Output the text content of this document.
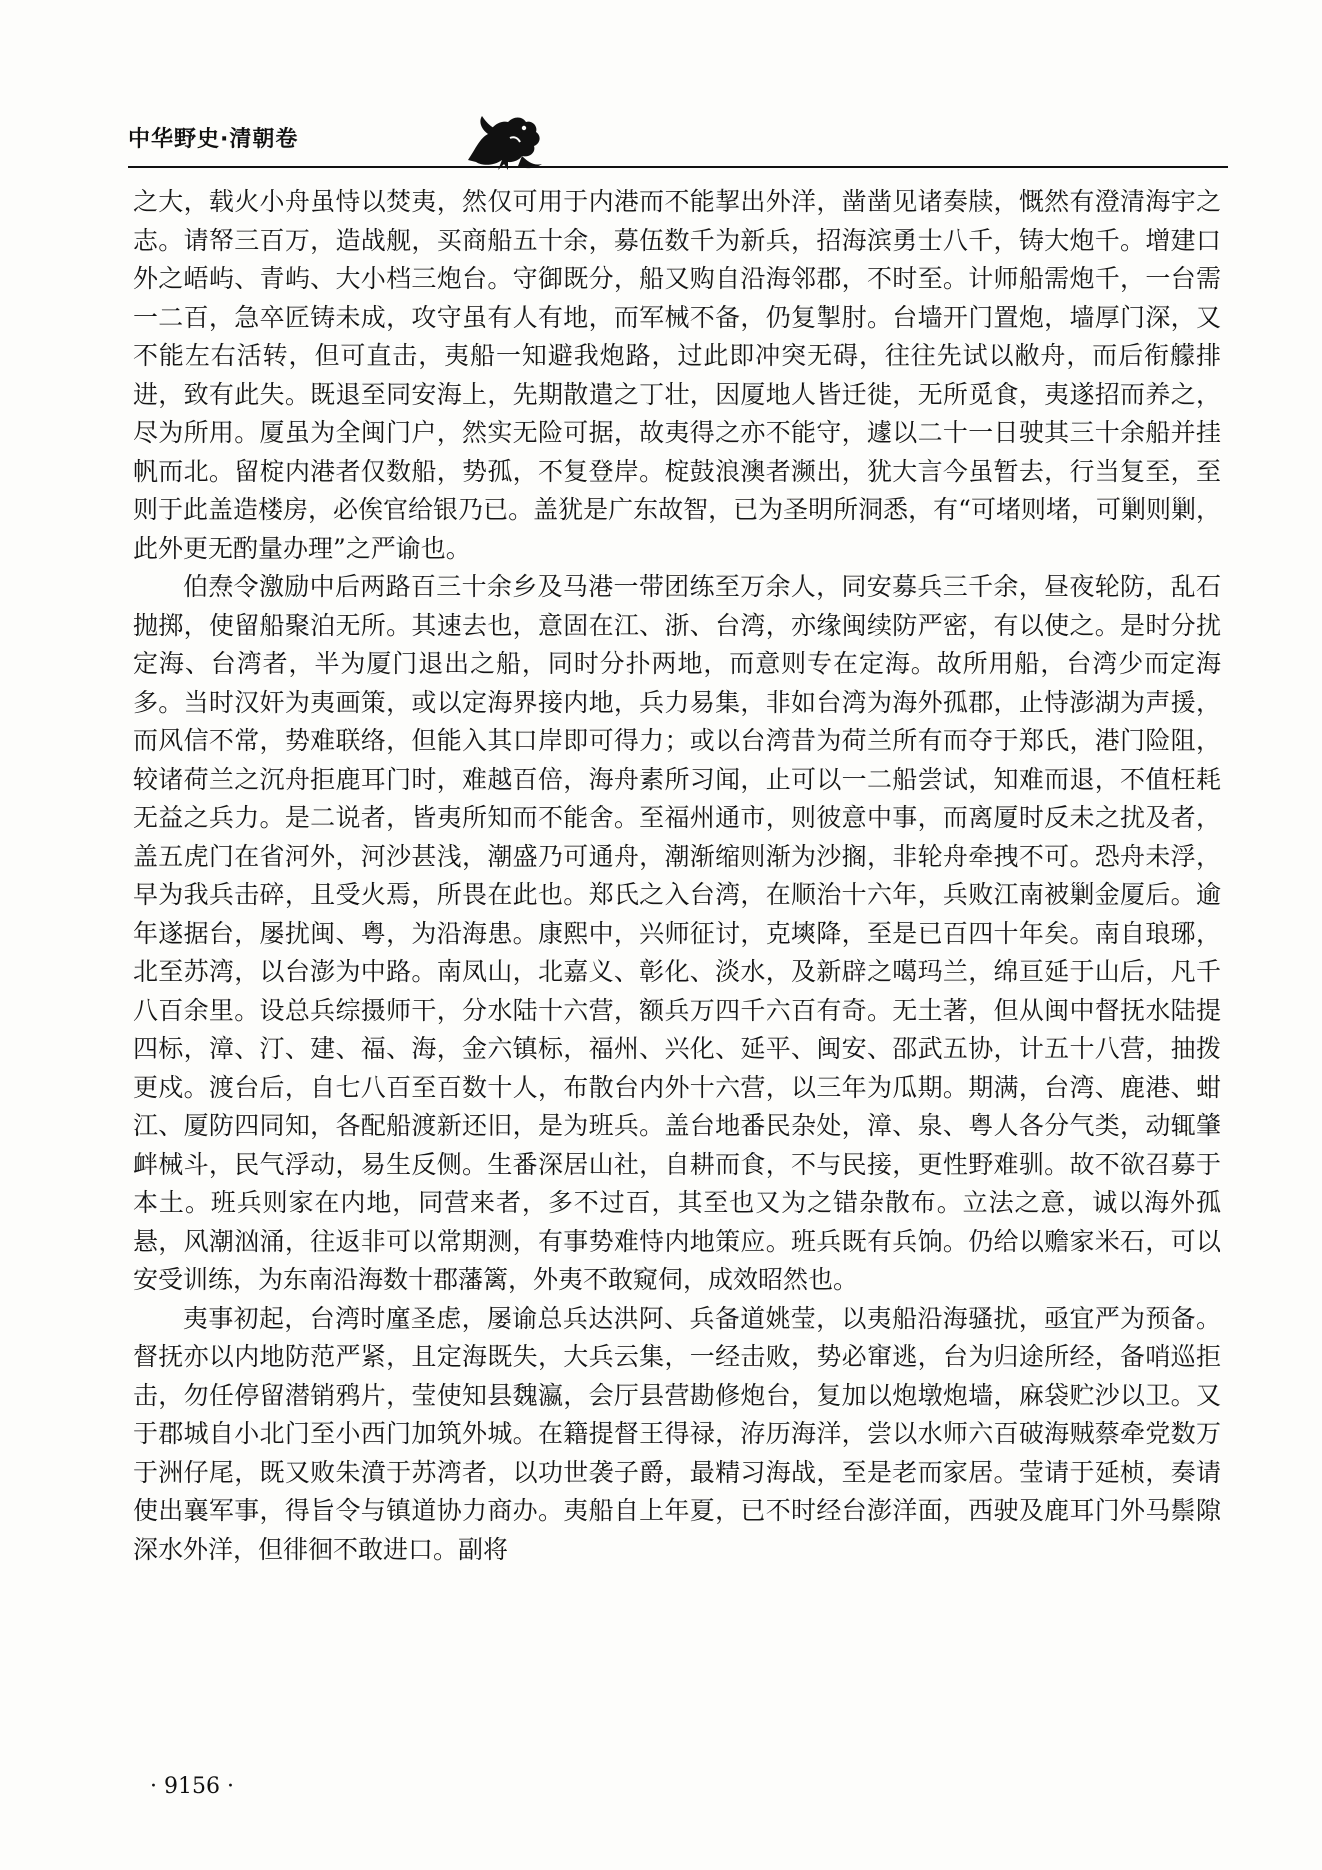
中华野史·清朝卷

之大，载火小舟虽恃以焚夷，然仅可用于内港而不能挈出外洋，凿凿见诸奏牍，慨然有澄清海宇之志。请帑三百万，造战舰，买商船五十余，募伍数千为新兵，招海滨勇士八千，铸大炮千。增建口外之峿屿、青屿、大小档三炮台。守御既分，船又购自沿海邻郡，不时至。计师船需炮千，一台需一二百，急卒匠铸未成，攻守虽有人有地，而军械不备，仍复掣肘。台墙开门置炮，墙厚门深，又不能左右活转，但可直击，夷船一知避我炮路，过此即冲突无碍，往往先试以敝舟，而后衔艨排进，致有此失。既退至同安海上，先期散遣之丁壮，因厦地人皆迁徙，无所觅食，夷遂招而养之，尽为所用。厦虽为全闽门户，然实无险可据，故夷得之亦不能守，遽以二十一日驶其三十余船并挂帆而北。留椗内港者仅数船，势孤，不复登岸。椗鼓浪澳者濒出，犹大言今虽暂去，行当复至，至则于此盖造楼房，必俟官给银乃已。盖犹是广东故智，已为圣明所洞悉，有“可堵则堵，可剿则剿，此外更无酌量办理”之严谕也。

伯焘令激励中后两路百三十余乡及马港一带团练至万余人，同安募兵三千余，昼夜轮防，乱石抛掷，使留船聚泊无所。其速去也，意固在江、浙、台湾，亦缘闽续防严密，有以使之。是时分扰定海、台湾者，半为厦门退出之船，同时分扑两地，而意则专在定海。故所用船，台湾少而定海多。当时汉奸为夷画策，或以定海界接内地，兵力易集，非如台湾为海外孤郡，止恃澎湖为声援，而风信不常，势难联络，但能入其口岸即可得力；或以台湾昔为荷兰所有而夺于郑氏，港门险阻，较诸荷兰之沉舟拒鹿耳门时，难越百倍，海舟素所习闻，止可以一二船尝试，知难而退，不值枉耗无益之兵力。是二说者，皆夷所知而不能舍。至福州通市，则彼意中事，而离厦时反未之扰及者，盖五虎门在省河外，河沙甚浅，潮盛乃可通舟，潮渐缩则渐为沙搁，非轮舟牵拽不可。恐舟未浮，早为我兵击碎，且受火焉，所畏在此也。郑氏之入台湾，在顺治十六年，兵败江南被剿金厦后。逾年遂据台，屡扰闽、粤，为沿海患。康熙中，兴师征讨，克塽降，至是已百四十年矣。南自琅琊，北至苏湾，以台澎为中路。南凤山，北嘉义、彰化、淡水，及新辟之噶玛兰，绵亘延于山后，凡千八百余里。设总兵综摄师干，分水陆十六营，额兵万四千六百有奇。无土著，但从闽中督抚水陆提四标，漳、汀、建、福、海，金六镇标，福州、兴化、延平、闽安、邵武五协，计五十八营，抽拨更戍。渡台后，自七八百至百数十人，布散台内外十六营，以三年为瓜期。期满，台湾、鹿港、蚶江、厦防四同知，各配船渡新还旧，是为班兵。盖台地番民杂处，漳、泉、粤人各分气类，动辄肇衅械斗，民气浮动，易生反侧。生番深居山社，自耕而食，不与民接，更性野难驯。故不欲召募于本土。班兵则家在内地，同营来者，多不过百，其至也又为之错杂散布。立法之意，诚以海外孤悬，风潮汹涌，往返非可以常期测，有事势难恃内地策应。班兵既有兵饷。仍给以赡家米石，可以安受训练，为东南沿海数十郡藩篱，外夷不敢窥伺，成效昭然也。

夷事初起，台湾时廑圣虑，屡谕总兵达洪阿、兵备道姚莹，以夷船沿海骚扰，亟宜严为预备。督抚亦以内地防范严紧，且定海既失，大兵云集，一经击败，势必窜逃，台为归途所经，备哨巡拒击，勿任停留潜销鸦片，莹使知县魏瀛，会厅县营勘修炮台，复加以炮墩炮墙，麻袋贮沙以卫。又于郡城自小北门至小西门加筑外城。在籍提督王得禄，洊历海洋，尝以水师六百破海贼蔡牵党数万于洲仔尾，既又败朱濆于苏湾者，以功世袭子爵，最精习海战，至是老而家居。莹请于延桢，奏请使出襄军事，得旨令与镇道协力商办。夷船自上年夏，已不时经台澎洋面，西驶及鹿耳门外马鬃隙深水外洋，但徘徊不敢进口。副将

· 9156 ·
